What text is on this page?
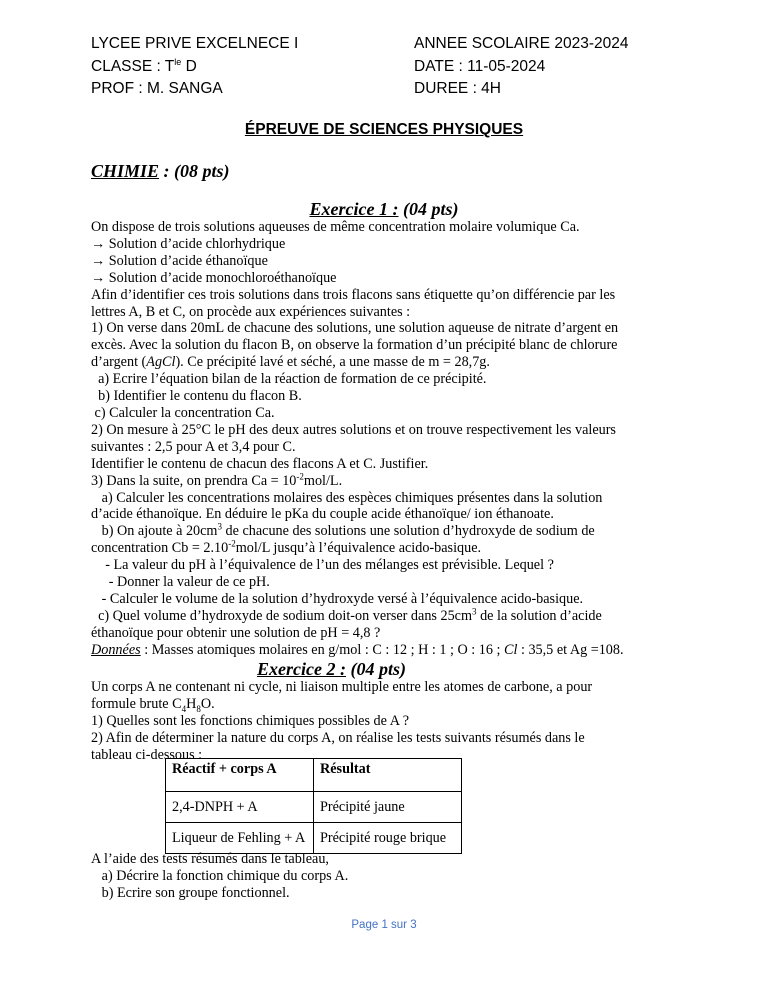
LYCEE PRIVE EXCELNECE I
CLASSE : $T^{le}$ D
PROF : M. SANGA
ANNEE SCOLAIRE 2023-2024
DATE : 11-05-2024
DUREE : 4H
ÉPREUVE DE SCIENCES PHYSIQUES
CHIMIE : (08 pts)
Exercice 1 : (04 pts)

On dispose de trois solutions aqueuses de même concentration molaire volumique Ca.

→ Solution d’acide chlorhydrique

→ Solution d’acide éthanoïque

→ Solution d’acide monochloroéthanoïque

Afin d’identifier ces trois solutions dans trois flacons sans étiquette qu’on différencie par les

lettres A, B et C, on procède aux expériences suivantes :

1) On verse dans 20mL de chacune des solutions, une solution aqueuse de nitrate d’argent en

excès. Avec la solution du flacon B, on observe la formation d’un précipité blanc de chlorure

d’argent (AgCl). Ce précipité lavé et séché, a une masse de m = 28,7g.

a) Ecrire l’équation bilan de la réaction de formation de ce précipité.

b) Identifier le contenu du flacon B.

c) Calculer la concentration Ca.

2) On mesure à 25°C le pH des deux autres solutions et on trouve respectivement les valeurs

suivantes : 2,5 pour A et 3,4 pour C.

Identifier le contenu de chacun des flacons A et C. Justifier.

3) Dans la suite, on prendra $Ca = 10^{-2}mol/L$.

a) Calculer les concentrations molaires des espèces chimiques présentes dans la solution

d’acide éthanoïque. En déduire le pKa du couple acide éthanoïque/ ion éthanoate.

b) On ajoute à $20cm^3$ de chacune des solutions une solution d’hydroxyde de sodium de

concentration $Cb = 2.10^{-2}mol/L$ jusqu’à l’équivalence acido-basique.

- La valeur du pH à l’équivalence de l’un des mélanges est prévisible. Lequel ?

- Donner la valeur de ce pH.

- Calculer le volume de la solution d’hydroxyde versé à l’équivalence acido-basique.

c) Quel volume d’hydroxyde de sodium doit-on verser dans $25cm^3$ de la solution d’acide

éthanoïque pour obtenir une solution de pH = 4,8 ?

Données : Masses atomiques molaires en g/mol : C : 12 ; H : 1 ; O : 16 ; Cl : 35,5 et Ag =108.

Exercice 2 : (04 pts)

Un corps A ne contenant ni cycle, ni liaison multiple entre les atomes de carbone, a pour

formule brute $C_4H_8O$.

1) Quelles sont les fonctions chimiques possibles de A ?

2) Afin de déterminer la nature du corps A, on réalise les tests suivants résumés dans le

tableau ci-dessous :

Réactif + corps A	Résultat
2,4-DNPH + A	Précipité jaune
Liqueur de Fehling + A	Précipité rouge brique

A l’aide des tests résumés dans le tableau,

a) Décrire la fonction chimique du corps A.

b) Ecrire son groupe fonctionnel.

Page 1 sur 3
